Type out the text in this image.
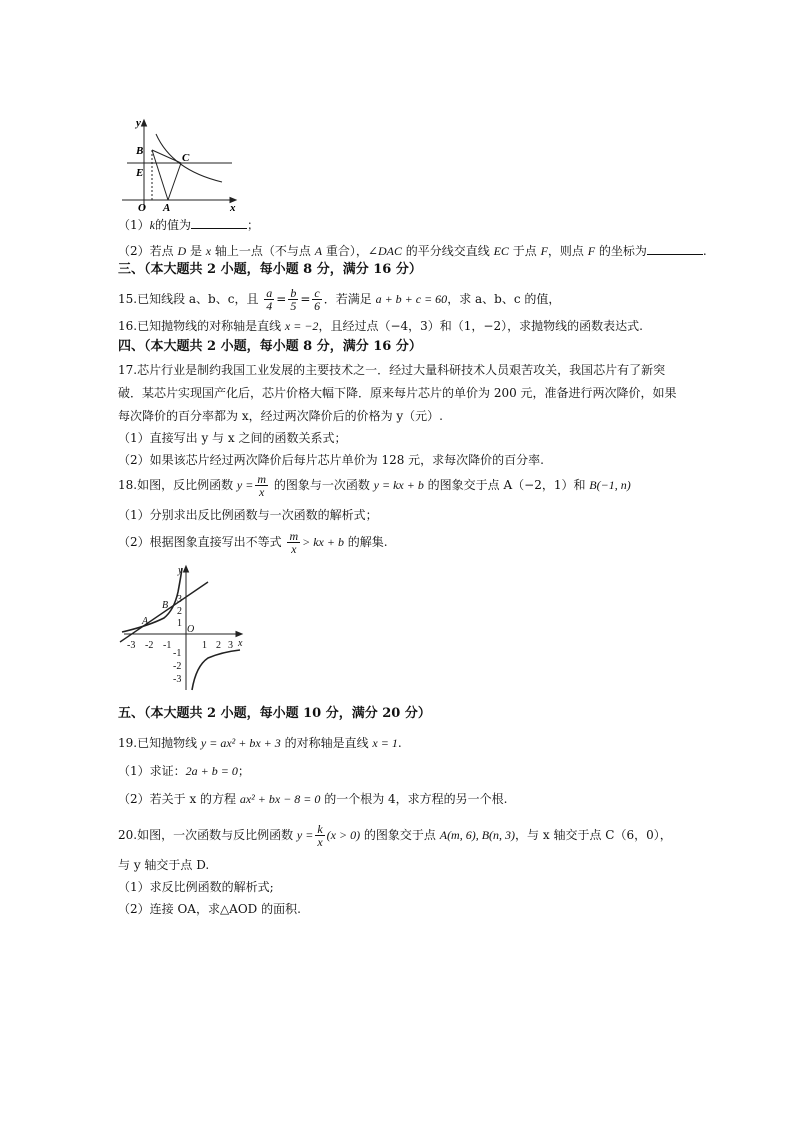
y
B
C
E
O A	x
（1）k的值为	；
（2）若点 D 是 x 轴上一点（不与点 A 重合），∠DAC 的平分线交直线 EC 于点 F，则点 F 的坐标为	.
三、（本大题共 2 小题，每小题 8 分，满分 16 分）
15.已知线段 a、b、c，且 $\frac{a}{4} = \frac{b}{5} = \frac{c}{6}$ ．若满足 a + b + c = 60，求 a、b、c 的值，
16.已知抛物线的对称轴是直线 x = −2，且经过点（−4，3）和（1，−2），求抛物线的函数表达式.
四、（本大题共 2 小题，每小题 8 分，满分 16 分）
17.芯片行业是制约我国工业发展的主要技术之一．经过大量科研技术人员艰苦攻关，我国芯片有了新突
破．某芯片实现国产化后，芯片价格大幅下降．原来每片芯片的单价为 200 元，准备进行两次降价，如果
每次降价的百分率都为 x，经过两次降价后的价格为 y（元）.
（1）直接写出 y 与 x 之间的函数关系式；
（2）如果该芯片经过两次降价后每片芯片单价为 128 元，求每次降价的百分率.
18.如图，反比例函数 $y = \frac{m}{x}$ 的图象与一次函数 y = kx + b 的图象交于点 A（−2，1）和 B(−1, n)
（1）分别求出反比例函数与一次函数的解析式；
（2）根据图象直接写出不等式 $\frac{m}{x}$ > kx + b 的解集.
y
x
O
A
B
-3 -2 -1	1 2 3
3
2
1
-1
-2
-3
五、（本大题共 2 小题，每小题 10 分，满分 20 分）
19.已知抛物线 y = ax² + bx + 3 的对称轴是直线 x = 1.
（1）求证：2a + b = 0；
（2）若关于 x 的方程 ax² + bx − 8 = 0 的一个根为 4，求方程的另一个根.
20.如图，一次函数与反比例函数 $y = \frac{k}{x} (x > 0)$ 的图象交于点 A(m, 6), B(n, 3)，与 x 轴交于点 C（6，0），
与 y 轴交于点 D.
（1）求反比例函数的解析式;
（2）连接 OA，求△AOD 的面积.
